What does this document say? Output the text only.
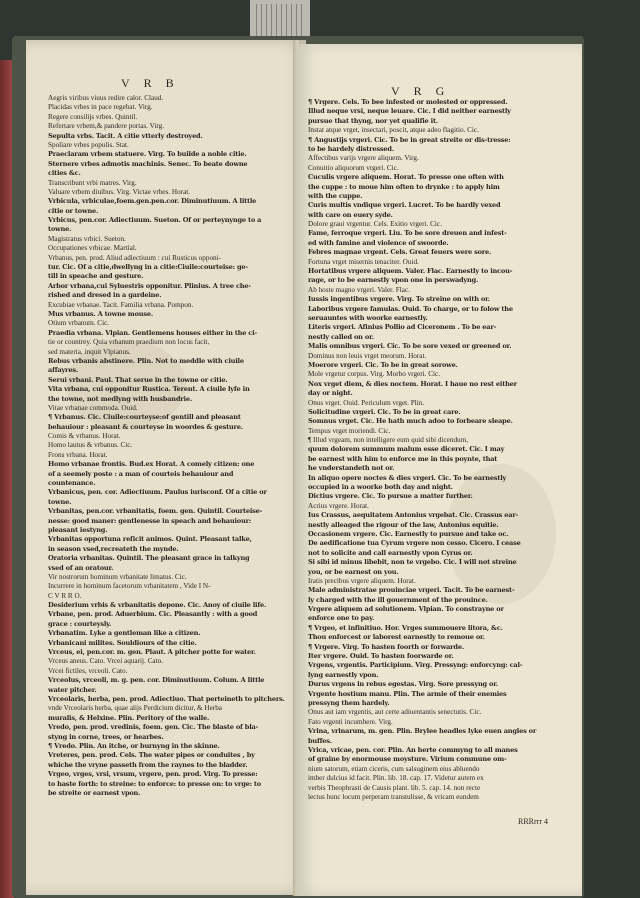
VRB
Aegris viribus viuus redire calor. Claud.
Placidas vrbes in pace regebat. Virg.
Regere consilijs vrbes. Quintil.
Refertare vrbem,& pandere portas. Virg.
Sepulta vrbs. Tacit. A citie vtterly destroyed.
Spoliare vrbes populis. Stat.
Praeclaram vrbem statuere. Virg. To builde a noble citie.
Sternere vrbes admotis machinis. Senec. To beate downe
cities &c.
Transcribunt vrbi matres. Virg.
Valuare vrbem diuibus. Virg. Victae vrbes. Horat.
Vrbicula, vrbiculae,foem.gen.pen.cor. Diminutiuum. A little
citie or towne.
Vrbicus, pen.cor. Adiectiuum. Sueton. Of or perteynynge to a
towne.
Magistratus vrbici. Sueton.
Occupationes vrbicae. Martial.
Vrbanus, pen. prod. Aliud adiectiuum : cui Rusticus opponi-
tur. Cic. Of a citie,dwellyng in a citie:Ciuile:courteise: ge-
till in speache and gesture.
Arbor vrbana,cui Syluestris opponitur. Plinius. A tree che-
rished and dresed in a gardeine.
Excubiae vrbanae. Tacit. Familia vrbana. Pompon.
Mus vrbanus. A towne mouse.
Otium vrbanum. Cic.
Praedia vrbana. Vlpian. Gentlemens houses either in the ci-
tie or countrey. Quia vrbanum praedium non locus facit,
sed materia, inquit Vlpianus.
Rebus vrbanis abstinere. Plin. Not to meddle with ciuile
affayres.
Serui vrbani. Paul. That serue in the towne or citie.
Vita vrbana, cui opponitur Rustica. Terent. A ciuile lyfe in
the towne, not medlyng with husbandrie.
Vitae vrbanae commoda. Ouid.
¶ Vrbanus. Cic. Ciuile:courteyse:of gentill and pleasant
behauiour : pleasant & courteyse in woordes & gesture.
Comis & vrbanus. Horat.
Homo lautus & vrbanus. Cic.
Frons vrbana. Horat.
Homo vrbanae frontis. Bud.ex Horat. A comely citizen: one
of a seemely poste : a man of courteis behauiour and
countenance.
Vrbanicus, pen. cor. Adiectiuum. Paulus iurisconf. Of a citie or
towne.
Vrbanitas, pen.cor. vrbanitatis, foem. gen. Quintil. Courteise-
nesse: good maner: gentlenesse in speach and behauiour:
pleasant iestyng.
Vrbanitas opportuna reficit animos. Quint. Pleasant talke,
in season vsed,recreateth the mynde.
Oratoria vrbanitas. Quintil. The pleasant grace in talkyng
vsed of an oratour.
Vir nostrorum hominum vrbanitate limatus. Cic.
Incurrere in hominum facetorum vrbanitatem , Vide I N-
C V R R O.
Desiderium vrbis & vrbanitatis depone. Cic. Anoy of ciuile life.
Vrbane, pen. prod. Aduerbium. Cic. Pleasantly : with a good
grace : courteysly.
Vrbanatim. Lyke a gentleman like a citizen.
Vrbanicani milites. Souldiours of the citie.
Vrceus, ei, pen.cor. m. gen. Plaut. A pitcher potte for water.
Vrceus aneus. Cato. Vrcei aquarij. Cato.
Vrcei fictiles, vrceoli. Cato.
Vrceolus, vrceoli, m. g. pen. cor. Diminutiuum. Colum. A little
water pitcher.
Vrceolaris, herba, pen. prod. Adiectiuo. That perteineth to pitchers.
vnde Vrceolaris herba, quae alijs Perdicium dicitur, & Herba
muralis, & Helxine. Plin. Peritory of the walle.
Vredo, pen. prod. vredinis, foem. gen. Cic. The blaste of bla-
styng in corne, trees, or hearbes.
¶ Vredo. Plin. An itche, or burnyng in the skinne.
Vreteres, pen. prod. Cels. The water pipes or conduites , by
whiche the vryne passeth from the raynes to the bladder.
Vrgeo, vrges, vrsi, vrsum, vrgere, pen. prod. Virg. To presse:
to haste forth: to streine: to enforce: to presse on: to vrge: to
be streite or earnest vpon.
VRG
¶ Vrgere. Cels. To bee infested or molested or oppressed.
Illud neque vrsi, neque leuare. Cic. I did neither earnestly
pursue that thyng, nor yet qualifie it.
Instat atque vrget, insectari, poscit, atque adeo flagitio. Cic.
¶ Angustijs vrgeri. Cic. To be in great streite or dis-tresse:
to be hardely distressed.
Affectibus varijs vrgere aliquem. Virg.
Conuitio aliquorum vrgeri. Cic.
Cuculis vrgere aliquem. Horat. To presse one often with
the cuppe : to moue him often to drynke : to apply him
with the cuppe.
Curis multis vndique vrgeri. Lucret. To be hardly vexed
with care on euery syde.
Dolore graui vrgentur. Cels. Exitio vrgeri. Cic.
Fame, ferroque vrgeri. Liu. To be sore dreuen and infest-
ed with famine and violence of swoorde.
Febres magnae vrgent. Cels. Great feuers were sore.
Fortuna vrget misernis tenaciter. Ouid.
Hortatibus vrgere aliquem. Valer. Flac. Earnestly to incou-
rage, or to be earnestly vpon one in perswadyng.
Ab hoste magno vrgeri. Valer. Flac.
Iussis ingentibus vrgere. Virg. To streine on with or.
Laboribus vrgere famulas. Ouid. To charge, or to folow the
seruauntes with woorke earnestly.
Literis vrgeri. Afinius Pollio ad Ciceronem . To be ear-
nestly called on or.
Malis omnibus vrgeri. Cic. To be sore vexed or greened or.
Dominus non leuis vrget meorum. Horat.
Moerore vrgeri. Cic. To be in great sorowe.
Mole vrgetur corpus. Virg. Morbo vrgeri. Cic.
Nox vrget diem, & dies noctem. Horat. I haue no rest either
day or night.
Onus vrget. Ouid. Periculum vrget. Plin.
Solicitudine vrgeri. Cic. To be in great care.
Somnus vrget. Cic. He hath much adoo to forbeare sleape.
Tempus vrget moriendi. Cic.
¶ Illud vrgeam, non intelligere eum quid sibi dicendum,
quum dolorem summum malum esse diceret. Cic. I may
be earnest with him to enforce me in this poynte, that
he vnderstandeth not or.
In aliquo opere noctes & dies vrgeri. Cic. To be earnestly
occupied in a woorke both day and night.
Dictius vrgere. Cic. To pursue a matter further.
Acrius vrgere. Horat.
Ius Crassus, aequitatem Antonius vrgebat. Cic. Crassus ear-
nestly alleaged the rigour of the law, Antonius equitie.
Occasionem vrgere. Cic. Earnestly to pursue and take oc.
De aedificatione tua Cyrum vrgere non cesso. Cicero. I cease
not to solicite and call earnestly vpon Cyrus or.
Si sibi id minus libebit, non te vrgebo. Cic. I will not streine
you, or be earnest on you.
Iratis precibus vrgere aliquem. Horat.
Male administratae prouinciae vrgeri. Tacit. To be earnest-
ly charged with the ill gouernment of the prouince.
Vrgere aliquem ad solutionem. Vlpian. To constrayne or
enforce one to pay.
¶ Vrgeo, et infinitiuo. Hor. Vrges summouere litora, &c.
Thou enforcest or laborest earnestly to remoue or.
¶ Vrgere. Virg. To hasten foorth or forwarde.
Iter vrgere. Ouid. To hasten foorwarde or.
Vrgens, vrgentis. Participium. Virg. Pressyng: enforcyng: cal-
lyng earnestly vpon.
Durus vrgens in rebus egestas. Virg. Sore pressyng or.
Vrgente hostium manu. Plin. The armie of their enemies
pressyng them hardely.
Onus aut iam vrgentis, aut certe adiuentantis senectutis. Cic.
Fato vrgenti incumbere. Virg.
Vrina, vrinarum, m. gen. Plin. Brylee headles lyke euen angles or
buffes.
Vrica, vricae, pen. cor. Plin. An herte commyng to all manes
of graine by enormouse moysture. Virium commune om-
nium satorum, etiam ciceris, cum salsuginem eius abluendo
imber dulcius id facit. Plin. lib. 18. cap. 17. Videtur autem ex
verbis Theophrasti de Causis plant. lib. 5. cap. 14. non recte
lectus hunc locum perperam transtulisse, & vricam eundem
RRRrrr 4
